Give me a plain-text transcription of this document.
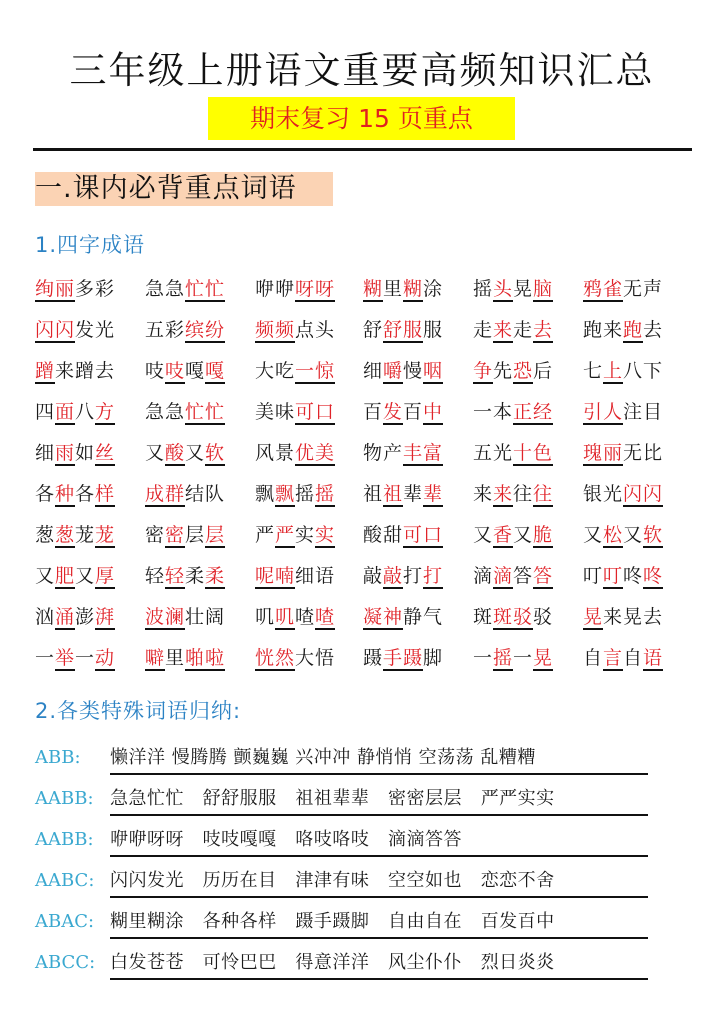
三年级上册语文重要高频知识汇总
期末复习 15 页重点
一.课内必背重点词语
1.四字成语
绚丽多彩 急急忙忙 咿咿呀呀 糊里糊涂 摇头晃脑 鸦雀无声
闪闪发光 五彩缤纷 频频点头 舒舒服服 走来走去 跑来跑去
蹭来蹭去 吱吱嘎嘎 大吃一惊 细嚼慢咽 争先恐后 七上八下
四面八方 急急忙忙 美味可口 百发百中 一本正经 引人注目
细雨如丝 又酸又软 风景优美 物产丰富 五光十色 瑰丽无比
各种各样 成群结队 飘飘摇摇 祖祖辈辈 来来往往 银光闪闪
葱葱茏茏 密密层层 严严实实 酸甜可口 又香又脆 又松又软
又肥又厚 轻轻柔柔 呢喃细语 敲敲打打 滴滴答答 叮叮咚咚
汹涌澎湃 波澜壮阔 叽叽喳喳 凝神静气 斑斑驳驳 晃来晃去
一举一动 噼里啪啦 恍然大悟 蹑手蹑脚 一摇一晃 自言自语
2.各类特殊词语归纳:
ABB: 懒洋洋 慢腾腾 颤巍巍 兴冲冲 静悄悄 空荡荡 乱糟糟
AABB: 急急忙忙 舒舒服服 祖祖辈辈 密密层层 严严实实
AABB: 咿咿呀呀 吱吱嘎嘎 咯吱咯吱 滴滴答答
AABC: 闪闪发光 历历在目 津津有味 空空如也 恋恋不舍
ABAC: 糊里糊涂 各种各样 蹑手蹑脚 自由自在 百发百中
ABCC: 白发苍苍 可怜巴巴 得意洋洋 风尘仆仆 烈日炎炎
